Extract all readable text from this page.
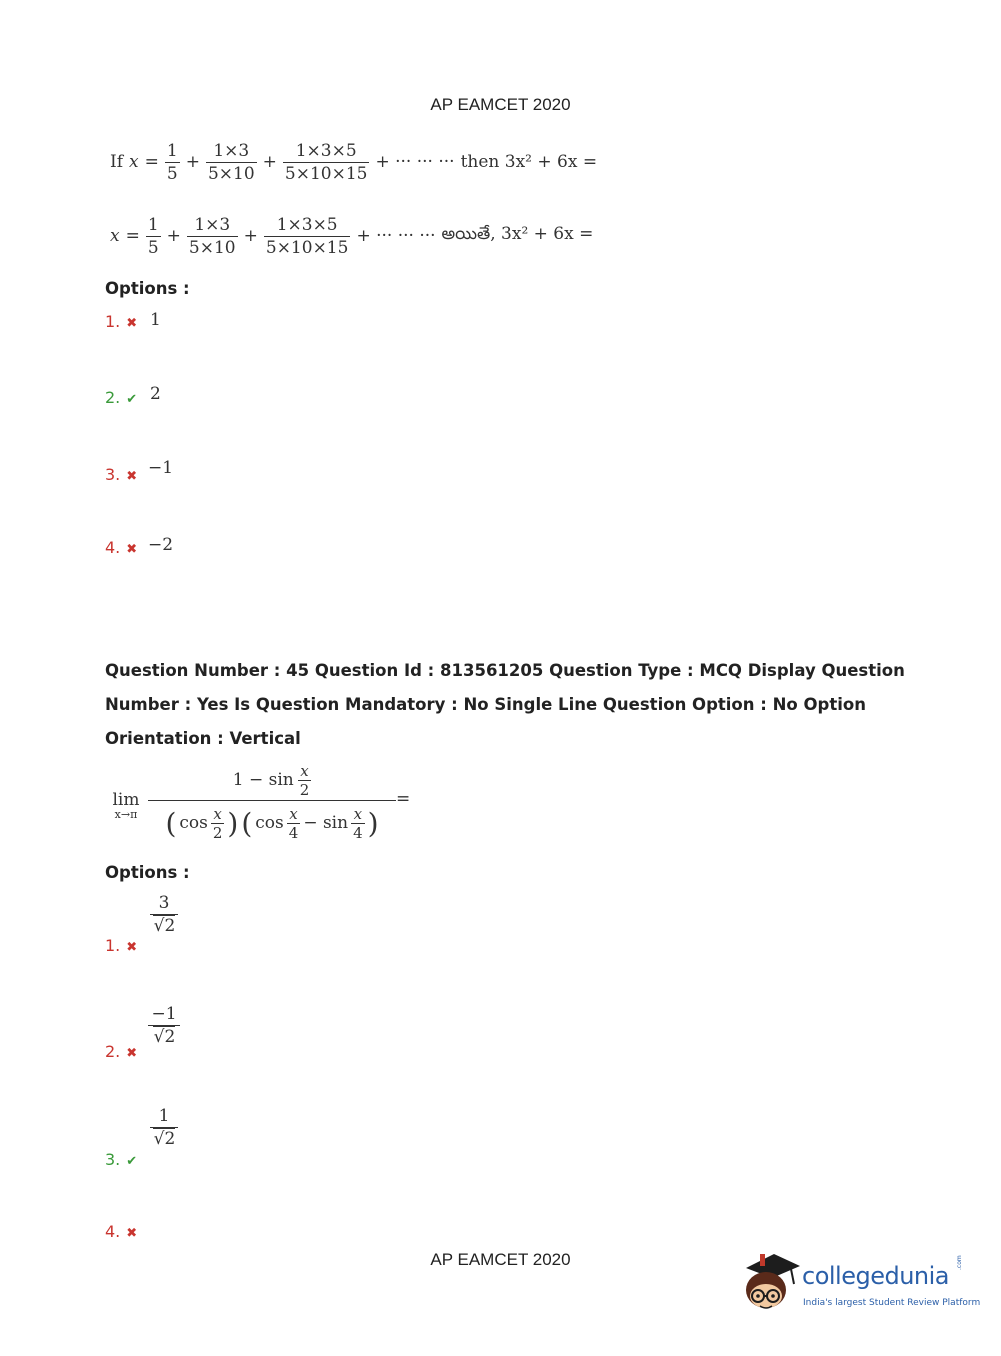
AP EAMCET 2020
If $x = \frac{1}{5} + \frac{1\times 3}{5\times 10} + \frac{1\times 3\times 5}{5\times 10\times 15}$ + ··· ··· ··· then 3x² + 6x =
$x = \frac{1}{5} + \frac{1\times 3}{5\times 10} + \frac{1\times 3\times 5}{5\times 10\times 15}$ + ··· ··· ··· అయితే, 3x² + 6x =
Options :
1. ✖ 1
2. ✔ 2
3. ✖ −1
4. ✖ −2
Question Number : 45 Question Id : 813561205 Question Type : MCQ Display Question
Number : Yes Is Question Mandatory : No Single Line Question Option : No Option
Orientation : Vertical
lim
x→π
$1 - \sin \frac{x}{2}$
( $\cos \frac{x}{2}$ ) ( $\cos \frac{x}{4} - \sin \frac{x}{4}$ )
=
Options :
1. ✖
$\frac{3}{√2}$
2. ✖
$\frac{-1}{√2}$
3. ✔
$\frac{1}{√2}$
4. ✖
AP EAMCET 2020
collegedunia .com
India's largest Student Review Platform
